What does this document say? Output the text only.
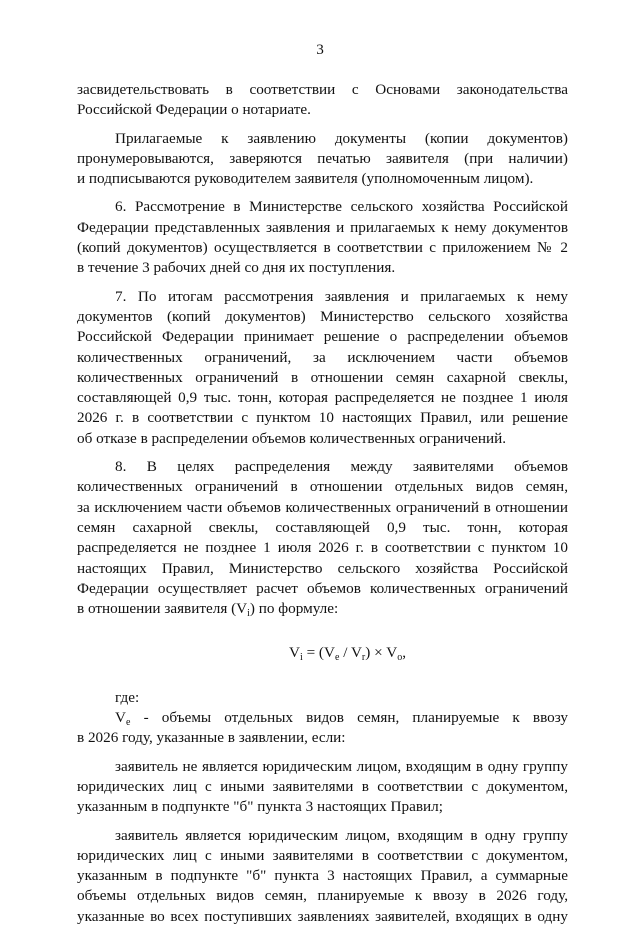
3
засвидетельствовать в соответствии с Основами законодательства
Российской Федерации о нотариате.
Прилагаемые к заявлению документы (копии документов)
пронумеровываются, заверяются печатью заявителя (при наличии)
и подписываются руководителем заявителя (уполномоченным лицом).
6. Рассмотрение в Министерстве сельского хозяйства Российской
Федерации представленных заявления и прилагаемых к нему документов
(копий документов) осуществляется в соответствии с приложением № 2
в течение 3 рабочих дней со дня их поступления.
7. По итогам рассмотрения заявления и прилагаемых к нему
документов (копий документов) Министерство сельского хозяйства
Российской Федерации принимает решение о распределении объемов
количественных ограничений, за исключением части объемов
количественных ограничений в отношении семян сахарной свеклы,
составляющей 0,9 тыс. тонн, которая распределяется не позднее 1 июля
2026 г. в соответствии с пунктом 10 настоящих Правил, или решение
об отказе в распределении объемов количественных ограничений.
8. В целях распределения между заявителями объемов
количественных ограничений в отношении отдельных видов семян,
за исключением части объемов количественных ограничений в отношении
семян сахарной свеклы, составляющей 0,9 тыс. тонн, которая
распределяется не позднее 1 июля 2026 г. в соответствии с пунктом 10
настоящих Правил, Министерство сельского хозяйства Российской
Федерации осуществляет расчет объемов количественных ограничений
в отношении заявителя $(V_i)$ по формуле:
$V_i = (V_e / V_r) \times V_o$,
где:
$V_e$ - объемы отдельных видов семян, планируемые к ввозу
в 2026 году, указанные в заявлении, если:
заявитель не является юридическим лицом, входящим в одну группу
юридических лиц с иными заявителями в соответствии с документом,
указанным в подпункте "б" пункта 3 настоящих Правил;
заявитель является юридическим лицом, входящим в одну группу
юридических лиц с иными заявителями в соответствии с документом,
указанным в подпункте "б" пункта 3 настоящих Правил, а суммарные
объемы отдельных видов семян, планируемые к ввозу в 2026 году,
указанные во всех поступивших заявлениях заявителей, входящих в одну
